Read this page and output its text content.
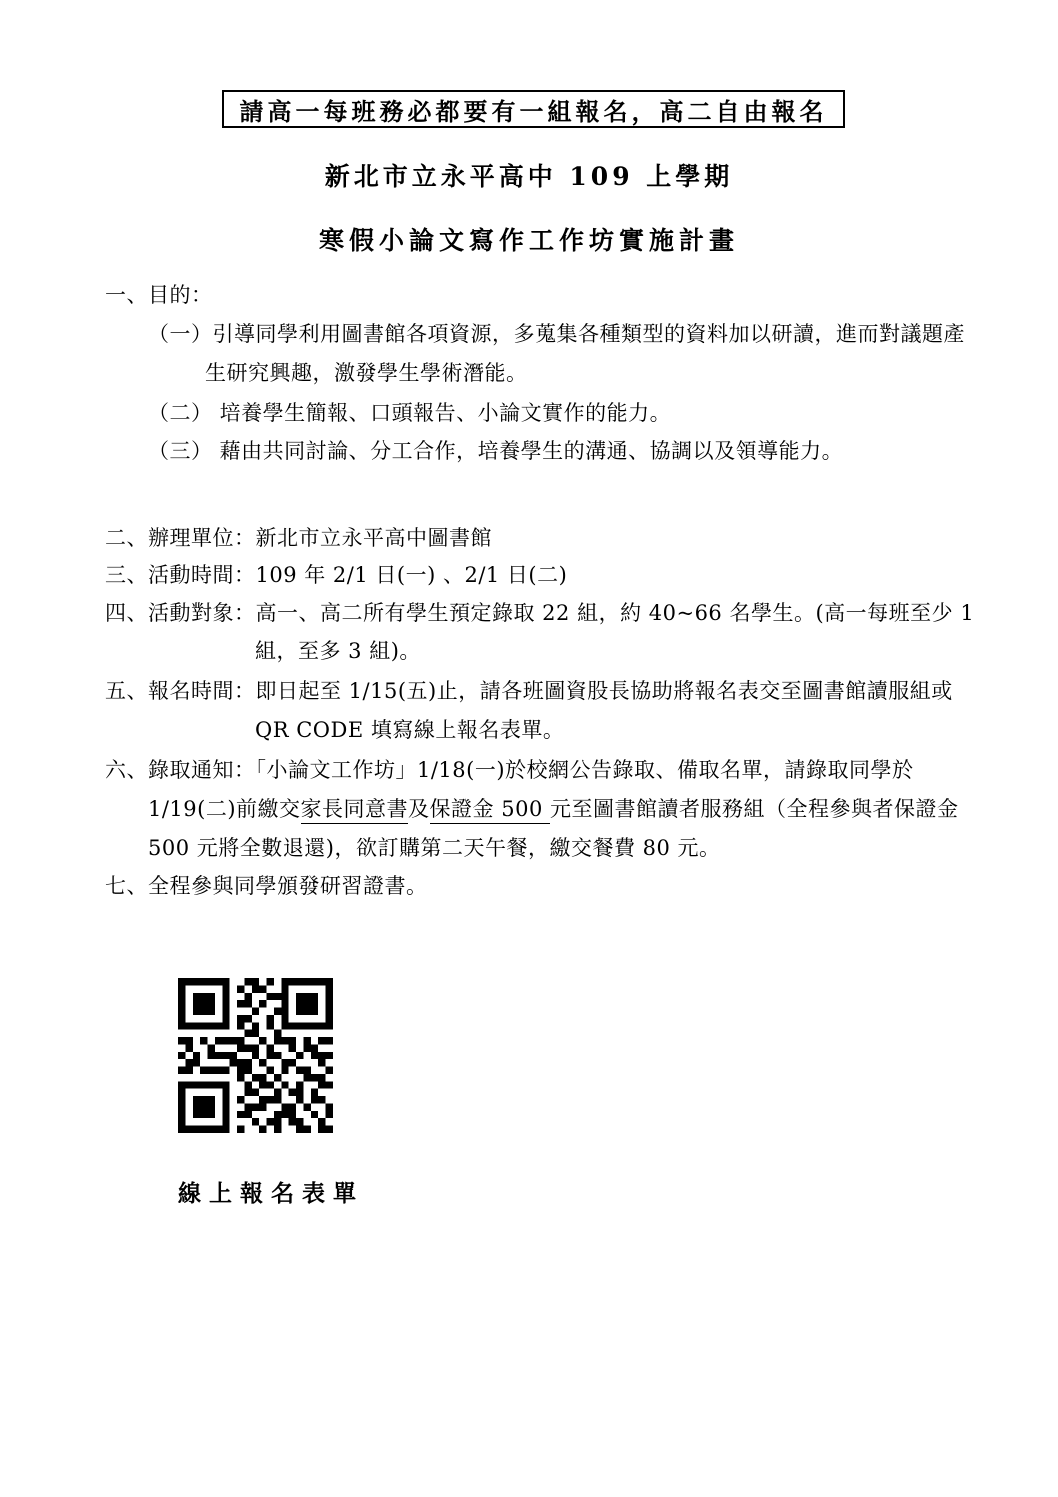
請高一每班務必都要有一組報名，高二自由報名
新北市立永平高中 109 上學期
寒假小論文寫作工作坊實施計畫

一、目的：

（一）引導同學利用圖書館各項資源，多蒐集各種類型的資料加以研讀，進而對議題產

生研究興趣，激發學生學術潛能。

（二） 培養學生簡報、口頭報告、小論文實作的能力。

（三） 藉由共同討論、分工合作，培養學生的溝通、協調以及領導能力。

二、辦理單位：新北市立永平高中圖書館

三、活動時間：109 年 2/1 日(一) 、2/1 日(二)

四、活動對象：高一、高二所有學生預定錄取 22 組，約 40~66 名學生。(高一每班至少 1

組，至多 3 組)。

五、報名時間：即日起至 1/15(五)止，請各班圖資股長協助將報名表交至圖書館讀服組或

QR CODE 填寫線上報名表單。

六、錄取通知：「小論文工作坊」1/18(一)於校網公告錄取、備取名單，請錄取同學於

1/19(二)前繳交家長同意書及保證金 500 元至圖書館讀者服務組（全程參與者保證金

500 元將全數退還)，欲訂購第二天午餐，繳交餐費 80 元。

七、全程參與同學頒發研習證書。

線上報名表單
